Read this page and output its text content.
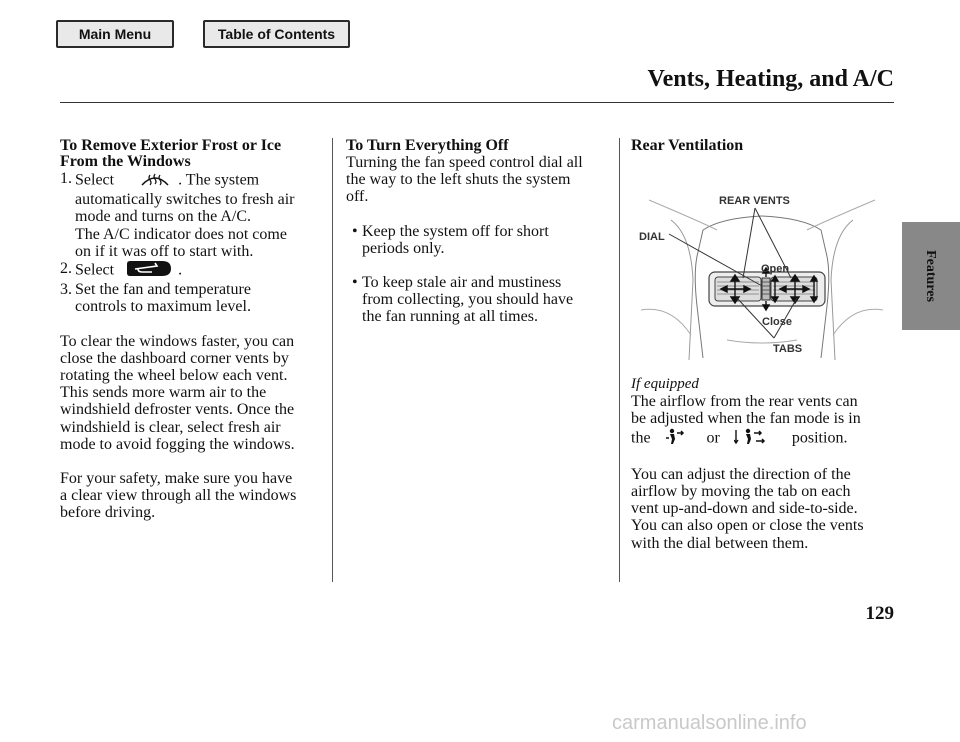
Main Menu	Table of Contents
Vents, Heating, and A/C
Features
129
To Remove Exterior Frost or Ice
From the Windows
1. Select	. The system
automatically switches to fresh air
mode and turns on the A/C.
The A/C indicator does not come
on if it was off to start with.
2. Select	.
3. Set the fan and temperature
controls to maximum level.
To clear the windows faster, you can
close the dashboard corner vents by
rotating the wheel below each vent.
This sends more warm air to the
windshield defroster vents. Once the
windshield is clear, select fresh air
mode to avoid fogging the windows.
For your safety, make sure you have
a clear view through all the windows
before driving.
To Turn Everything Off
Turning the fan speed control dial all
the way to the left shuts the system
off.
• Keep the system off for short
periods only.
• To keep stale air and mustiness
from collecting, you should have
the fan running at all times.
Rear Ventilation
REAR VENTS
DIAL
Open
Close
TABS
If equipped
The airflow from the rear vents can
be adjusted when the fan mode is in
the	or	position.
You can adjust the direction of the
airflow by moving the tab on each
vent up-and-down and side-to-side.
You can also open or close the vents
with the dial between them.
carmanualsonline.info
